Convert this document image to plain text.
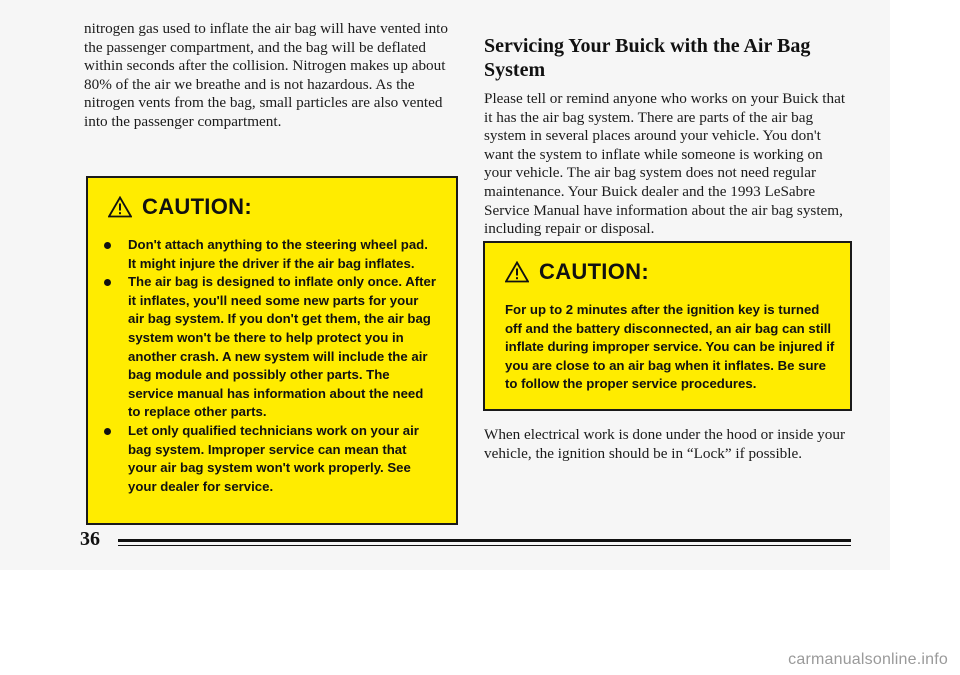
nitrogen gas used to inflate the air bag will have vented into the passenger compartment, and the bag will be deflated within seconds after the collision. Nitrogen makes up about 80% of the air we breathe and is not hazardous. As the nitrogen vents from the bag, small particles are also vented into the passenger compartment.

CAUTION:
Don't attach anything to the steering wheel pad. It might injure the driver if the air bag inflates.
The air bag is designed to inflate only once. After it inflates, you'll need some new parts for your air bag system. If you don't get them, the air bag system won't be there to help protect you in another crash. A new system will include the air bag module and possibly other parts. The service manual has information about the need to replace other parts.
Let only qualified technicians work on your air bag system. Improper service can mean that your air bag system won't work properly. See your dealer for service.
Servicing Your Buick with the Air Bag System

Please tell or remind anyone who works on your Buick that it has the air bag system. There are parts of the air bag system in several places around your vehicle. You don't want the system to inflate while someone is working on your vehicle. The air bag system does not need regular maintenance. Your Buick dealer and the 1993 LeSabre Service Manual have information about the air bag system, including repair or disposal.

CAUTION:

For up to 2 minutes after the ignition key is turned off and the battery disconnected, an air bag can still inflate during improper service. You can be injured if you are close to an air bag when it inflates. Be sure to follow the proper service procedures.

When electrical work is done under the hood or inside your vehicle, the ignition should be in “Lock” if possible.

36
carmanualsonline.info
